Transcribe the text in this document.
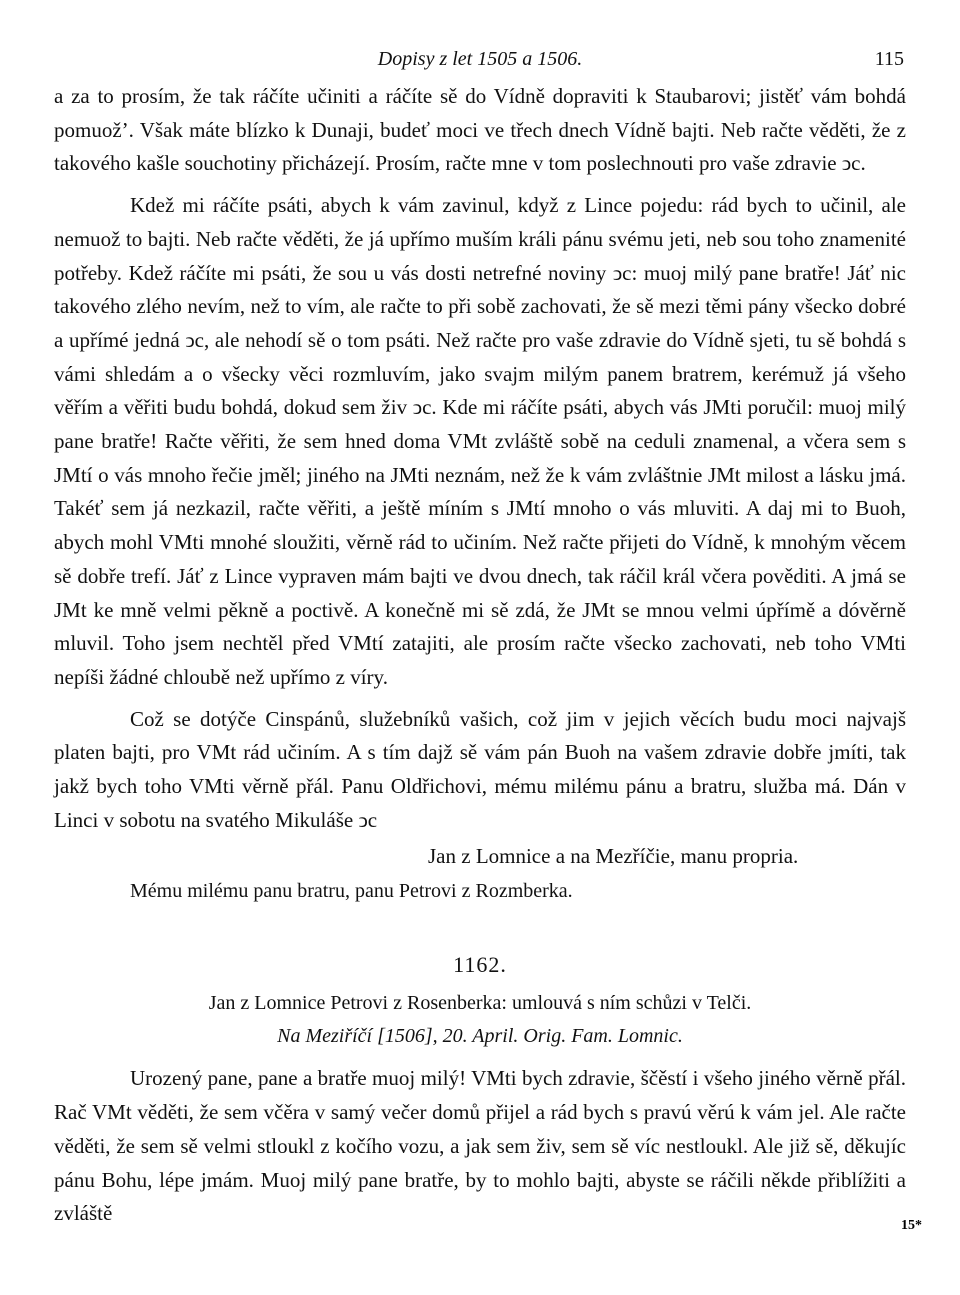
Dopisy z let 1505 a 1506.	115

a za to prosím, že tak ráčíte učiniti a ráčíte sě do Vídně dopraviti k Staubarovi; jistěť vám bohdá pomuož’. Však máte blízko k Dunaji, budeť moci ve třech dnech Vídně bajti. Neb račte věděti, že z takového kašle souchotiny přicházejí. Prosím, račte mne v tom poslechnouti pro vaše zdravie ͻc.

Kdež mi ráčíte psáti, abych k vám zavinul, když z Lince pojedu: rád bych to učinil, ale nemuož to bajti. Neb račte věděti, že já upřímo muším králi pánu svému jeti, neb sou toho znamenité potřeby. Kdež ráčíte mi psáti, že sou u vás dosti netrefné noviny ͻc: muoj milý pane bratře! Jáť nic takového zlého nevím, než to vím, ale račte to při sobě zachovati, že sě mezi těmi pány všecko dobré a upřímé jedná ͻc, ale nehodí sě o tom psáti. Než račte pro vaše zdravie do Vídně sjeti, tu sě bohdá s vámi shledám a o všecky věci rozmluvím, jako svajm milým panem bratrem, kerémuž já všeho věřím a věřiti budu bohdá, dokud sem živ ͻc. Kde mi ráčíte psáti, abych vás JMti poručil: muoj milý pane bratře! Račte věřiti, že sem hned doma VMt zvláště sobě na ceduli znamenal, a včera sem s JMtí o vás mnoho řečie jměl; jiného na JMti neznám, než že k vám zvláštnie JMt milost a lásku jmá. Takéť sem já nezkazil, račte věřiti, a ještě míním s JMtí mnoho o vás mluviti. A daj mi to Buoh, abych mohl VMti mnohé sloužiti, věrně rád to učiním. Než račte přijeti do Vídně, k mnohým věcem sě dobře trefí. Jáť z Lince vypraven mám bajti ve dvou dnech, tak ráčil král včera pověditi. A jmá se JMt ke mně velmi pěkně a poctivě. A konečně mi sě zdá, že JMt se mnou velmi úpřímě a dóvěrně mluvil. Toho jsem nechtěl před VMtí zatajiti, ale prosím račte všecko zachovati, neb toho VMti nepíši žádné chloubě než upřímo z víry.

Což se dotýče Cinspánů, služebníků vašich, což jim v jejich věcích budu moci najvajš platen bajti, pro VMt rád učiním. A s tím dajž sě vám pán Buoh na vašem zdravie dobře jmíti, tak jakž bych toho VMti věrně přál. Panu Oldřichovi, mému milému pánu a bratru, služba má. Dán v Linci v sobotu na svatého Mikuláše ͻc

Jan z Lomnice a na Mezříčie, manu propria.
Mému milému panu bratru, panu Petrovi z Rozmberka.
1162.
Jan z Lomnice Petrovi z Rosenberka: umlouvá s ním schůzi v Telči.
Na Meziříčí [1506], 20. April. Orig. Fam. Lomnic.

Urozený pane, pane a bratře muoj milý! VMti bych zdravie, ščěstí i všeho jiného věrně přál. Rač VMt věděti, že sem včěra v samý večer domů přijel a rád bych s pravú věrú k vám jel. Ale račte věděti, že sem sě velmi stloukl z kočího vozu, a jak sem živ, sem sě víc nestloukl. Ale již sě, děkujíc pánu Bohu, lépe jmám. Muoj milý pane bratře, by to mohlo bajti, abyste se ráčili někde přiblížiti a zvláště

15*
